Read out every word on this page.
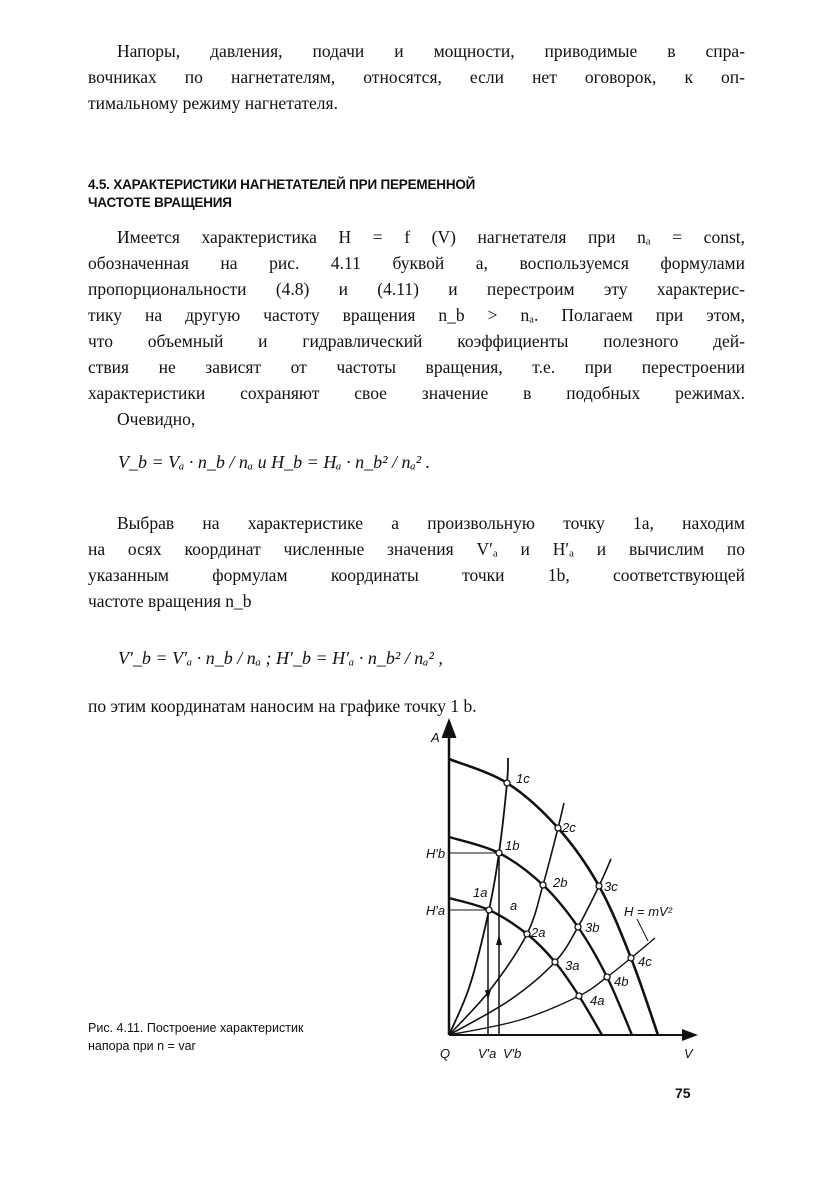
Напоры, давления, подачи и мощности, приводимые в спра-
вочниках по нагнетателям, относятся, если нет оговорок, к оп-
тимальному режиму нагнетателя.
4.5. ХАРАКТЕРИСТИКИ НАГНЕТАТЕЛЕЙ ПРИ ПЕРЕМЕННОЙ
ЧАСТОТЕ ВРАЩЕНИЯ
Имеется характеристика H = f (V) нагнетателя при nₐ = const,
обозначенная на рис. 4.11 буквой a, воспользуемся формулами
пропорциональности (4.8) и (4.11) и перестроим эту характерис-
тику на другую частоту вращения n_b > nₐ. Полагаем при этом,
что объемный и гидравлический коэффициенты полезного дей-
ствия не зависят от частоты вращения, т.е. при перестроении
характеристики сохраняют свое значение в подобных режимах.
Очевидно,
V_b = Vₐ · n_b / nₐ и H_b = Hₐ · n_b² / nₐ² .
Выбрав на характеристике a произвольную точку 1a, находим
на осях координат численные значения V′ₐ и H′ₐ и вычислим по
указанным формулам координаты точки 1b, соответствующей
частоте вращения n_b
V′_b = V′ₐ · n_b / nₐ ; H′_b = H′ₐ · n_b² / nₐ² ,
по этим координатам наносим на графике точку 1 b.
A
V
Q
H′b
H′a
V′a V′b
H = mV²
1c
2c
1b
2b	3c
1a
a
2a	3b
3a	4c
4b
4a
Рис. 4.11. Построение характеристик
напора при n = var
75
